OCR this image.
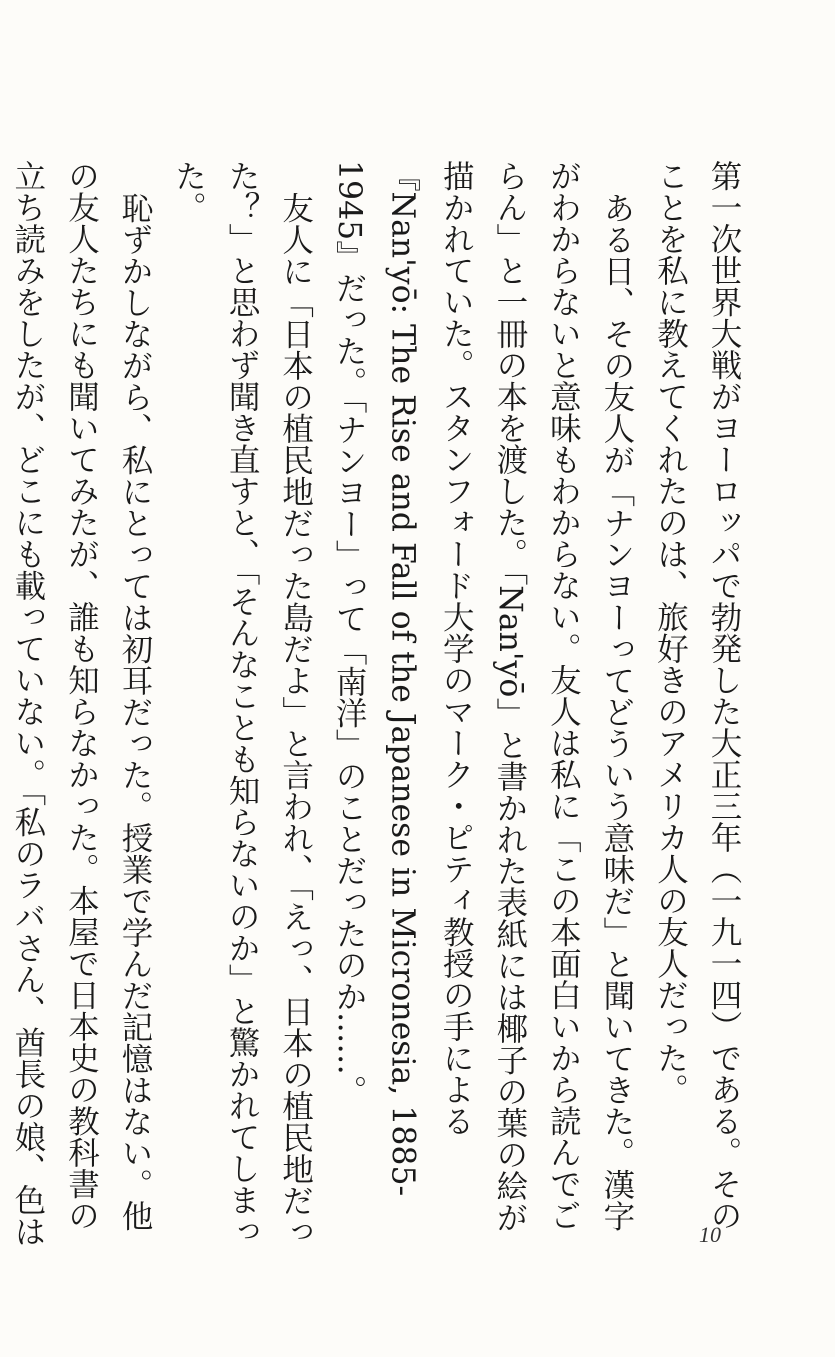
第一次世界大戦がヨーロッパで勃発した大正三年（一九一四）である。そのことを私に教えてくれたのは、旅好きのアメリカ人の友人だった。

ある日、その友人が「ナンヨーってどういう意味だ」と聞いてきた。漢字がわからないと意味もわからない。友人は私に「この本面白いから読んでごらん」と一冊の本を渡した。「Nan'yō」と書かれた表紙には椰子の葉の絵が描かれていた。スタンフォード大学のマーク・ピティ教授の手による『Nan'yō: The Rise and Fall of the Japanese in Micronesia, 1885-1945』だった。「ナンヨー」って「南洋」のことだったのか……。

友人に「日本の植民地だった島だよ」と言われ、「えっ、日本の植民地だった？」と思わず聞き直すと、「そんなことも知らないのか」と驚かれてしまった。

恥ずかしながら、私にとっては初耳だった。授業で学んだ記憶はない。他の友人たちにも聞いてみたが、誰も知らなかった。本屋で日本史の教科書の立ち読みをしたが、どこにも載っていない。「私のラバさん、酋長の娘、色は	10
